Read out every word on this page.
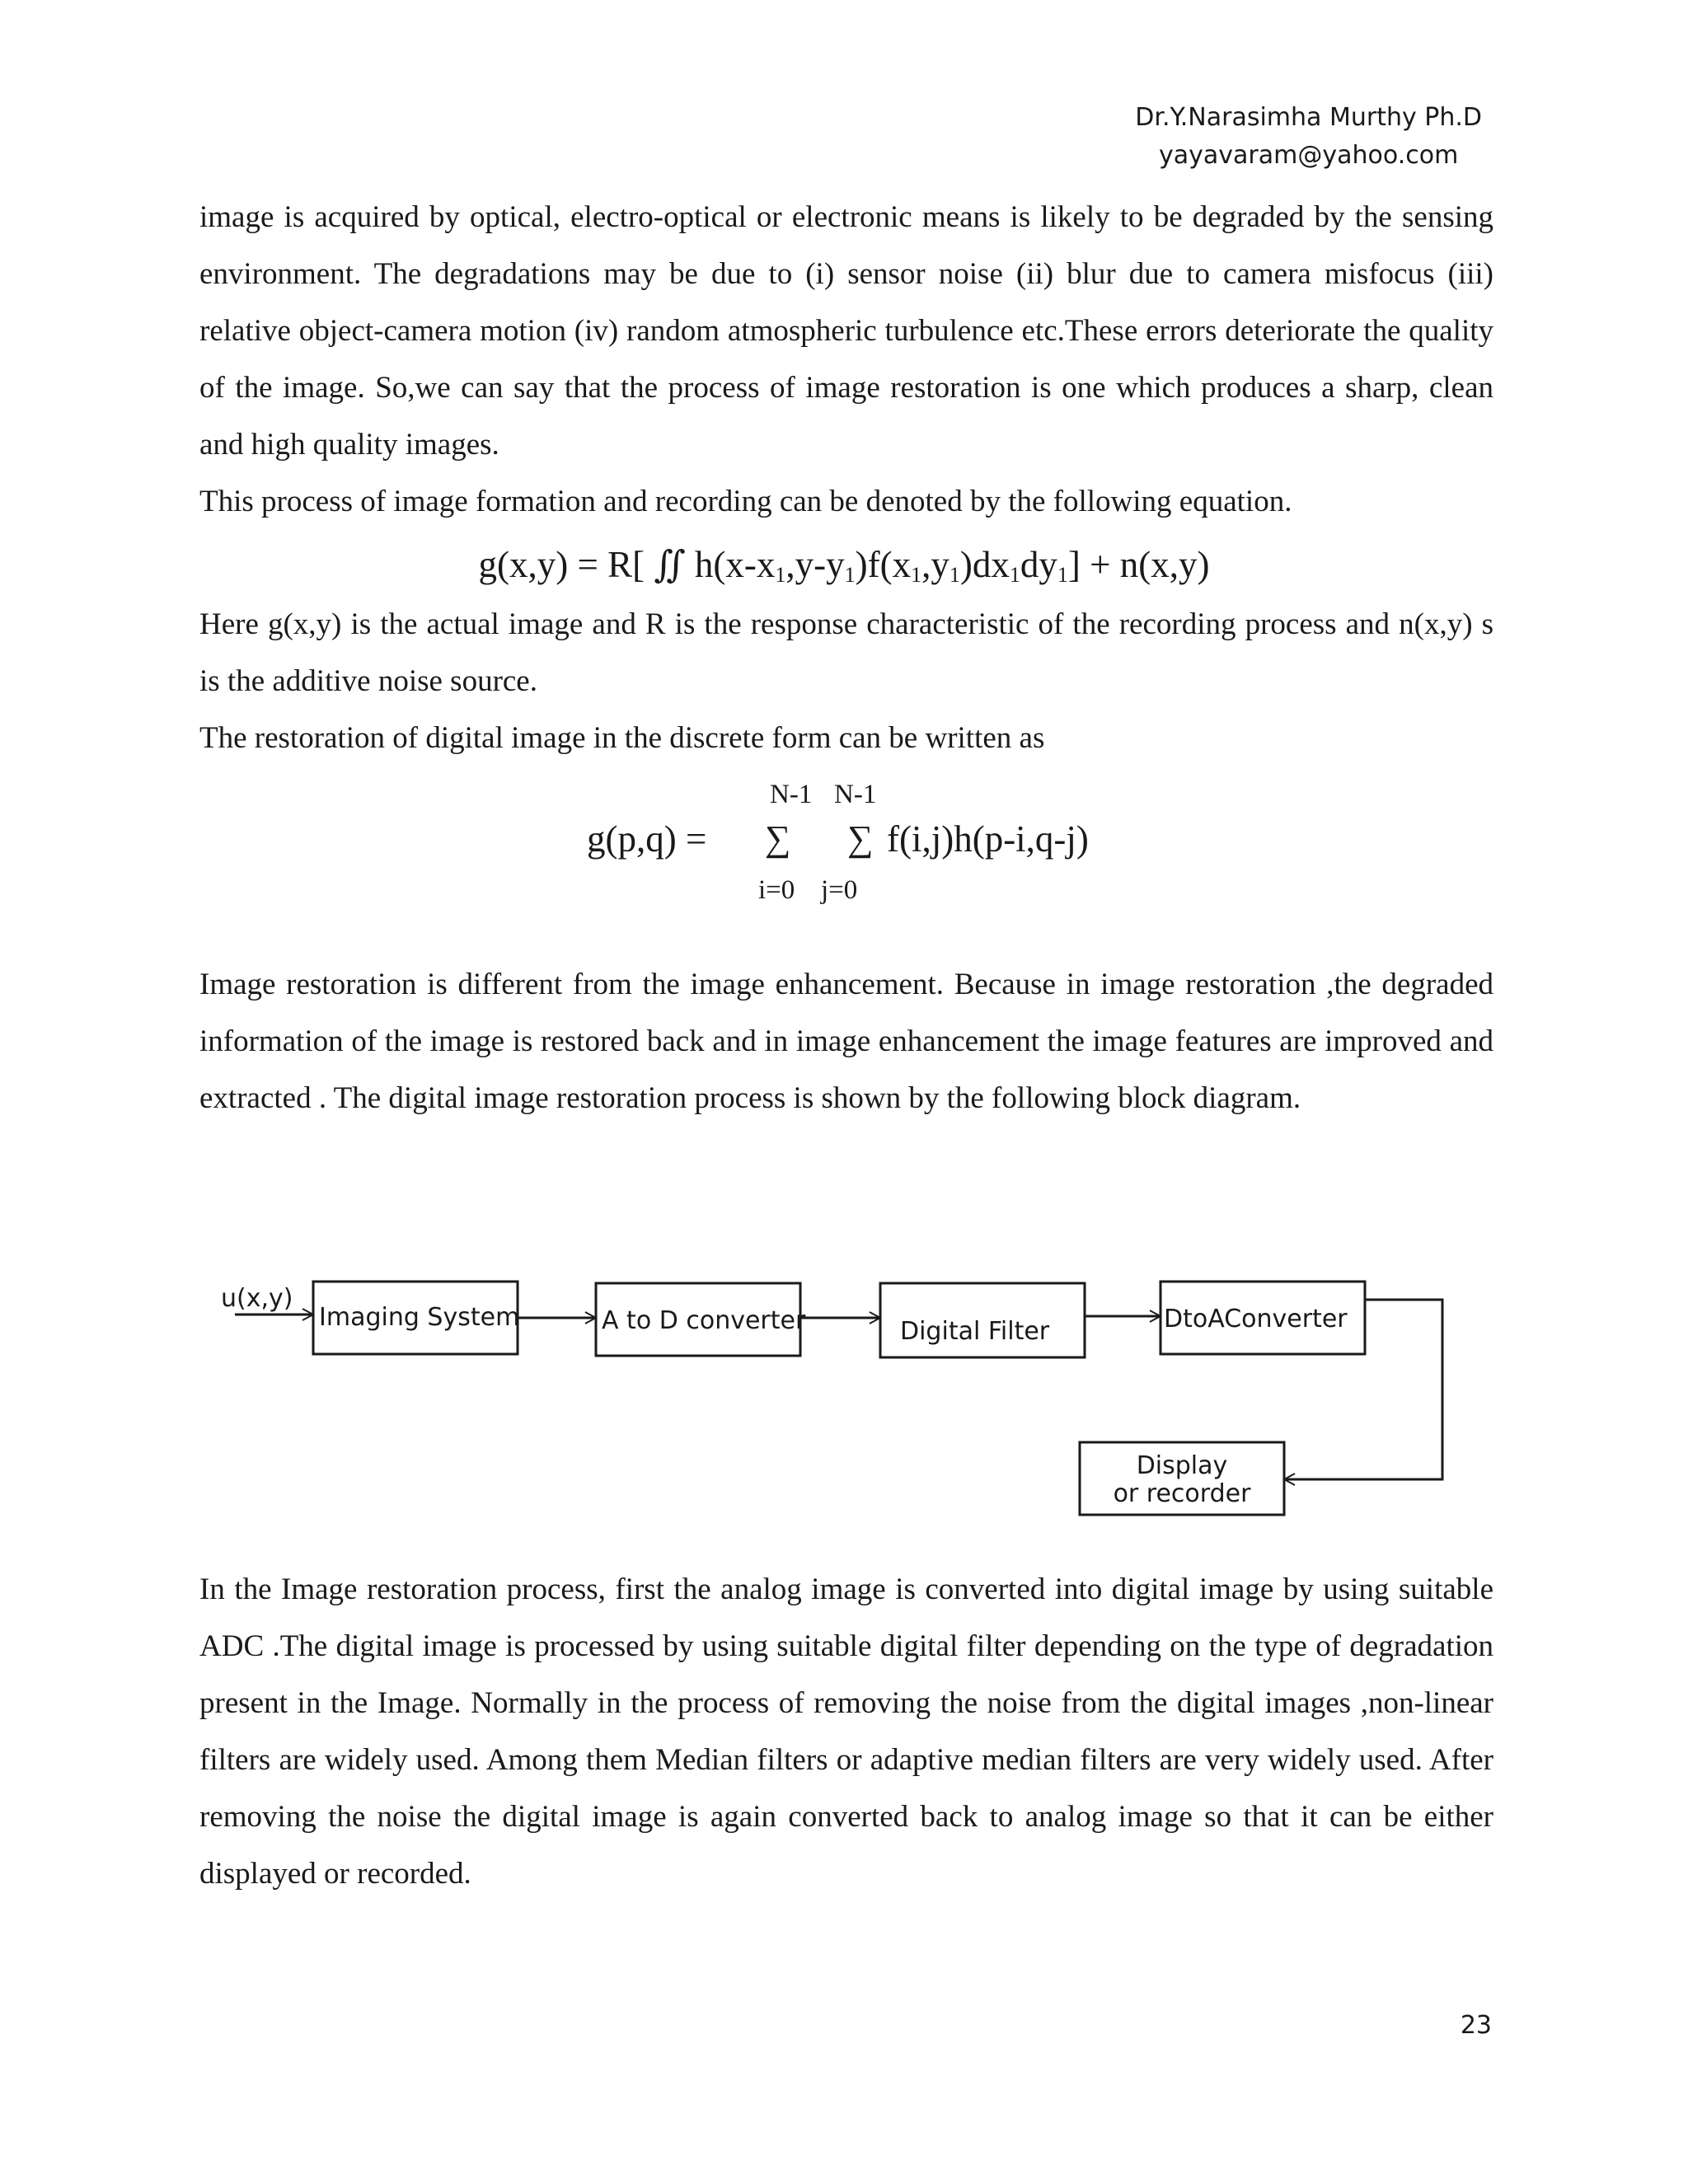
Dr.Y.Narasimha Murthy Ph.D
yayavaram@yahoo.com

image is acquired by optical, electro-optical or electronic means is likely to be degraded by the sensing environment. The degradations may be due to (i) sensor noise (ii) blur due to camera misfocus (iii) relative object-camera motion (iv) random atmospheric turbulence etc.These errors deteriorate the quality of the image. So,we can say that the process of image restoration is one which produces a sharp, clean and high quality images.

This process of image formation and recording can be denoted by the following equation.

g(x,y) = R[ ∬ $h(x-x_1,y-y_1)f(x_1,y_1)dx_1dy_1] + n(x,y)$

Here g(x,y) is the actual image and R is the response characteristic of the recording process and n(x,y) s is the additive noise source.

The restoration of digital image in the discrete form can be written as

N-1 N-1
g(p,q) = ∑ ∑ f(i,j)h(p-i,q-j)
i=0 j=0

Image restoration is different from the image enhancement. Because in image restoration ,the degraded information of the image is restored back and in image enhancement the image features are improved and extracted . The digital image restoration process is shown by the following block diagram.

u(x,y)
Imaging System	A to D converter	Digital Filter	DtoAConverter
Display
or recorder

In the Image restoration process, first the analog image is converted into digital image by using suitable ADC .The digital image is processed by using suitable digital filter depending on the type of degradation present in the Image. Normally in the process of removing the noise from the digital images ,non-linear filters are widely used. Among them Median filters or adaptive median filters are very widely used. After removing the noise the digital image is again converted back to analog image so that it can be either displayed or recorded.

23
